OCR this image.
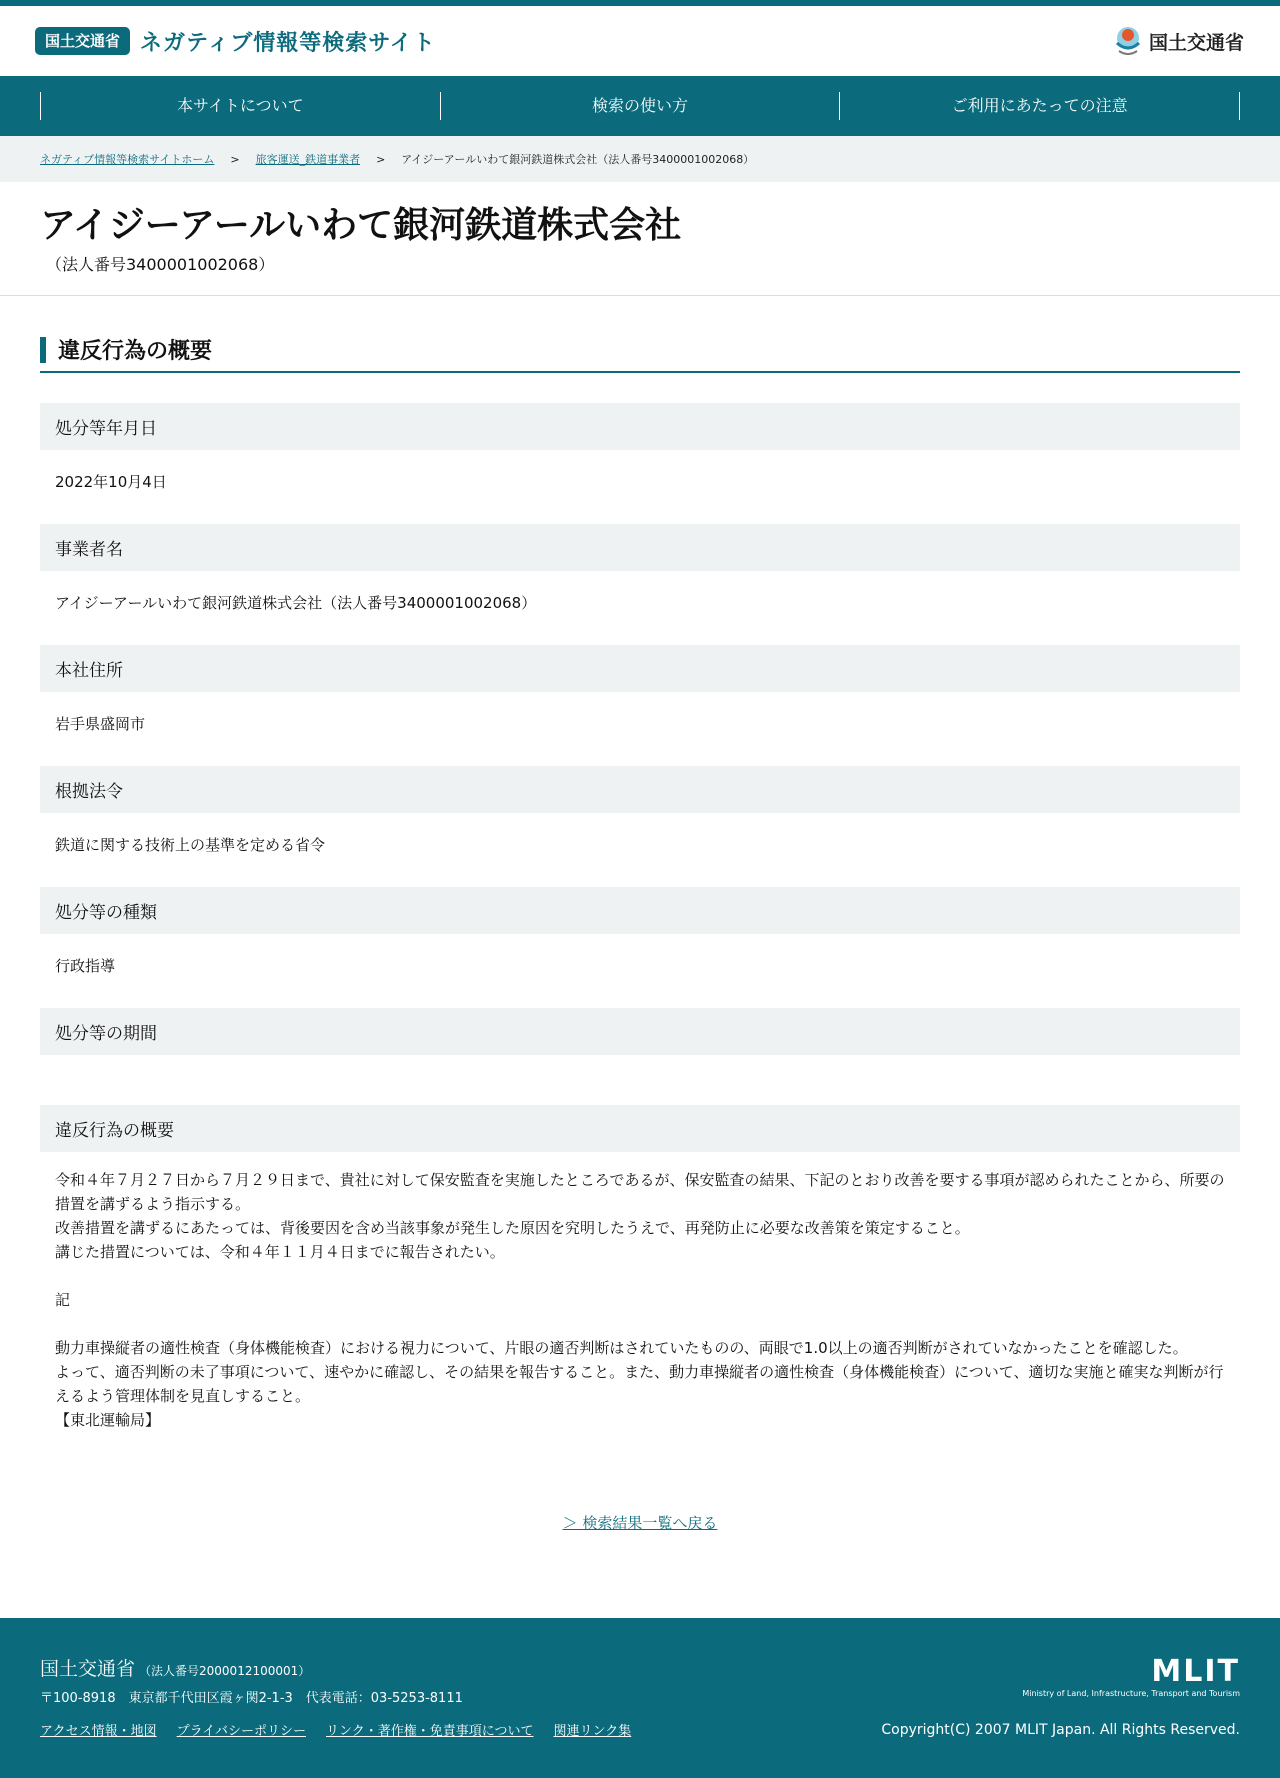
国土交通省 ネガティブ情報等検索サイト	国土交通省
本サイトについて	検索の使い方	ご利用にあたっての注意
ネガティブ情報等検索サイトホーム > 旅客運送_鉄道事業者 > アイジーアールいわて銀河鉄道株式会社（法人番号3400001002068）
アイジーアールいわて銀河鉄道株式会社
（法人番号3400001002068）
違反行為の概要
処分等年月日
2022年10月4日
事業者名
アイジーアールいわて銀河鉄道株式会社（法人番号3400001002068）
本社住所
岩手県盛岡市
根拠法令
鉄道に関する技術上の基準を定める省令
処分等の種類
行政指導
処分等の期間
違反行為の概要

令和４年７月２７日から７月２９日まで、貴社に対して保安監査を実施したところであるが、保安監査の結果、下記のとおり改善を要する事項が認められたことから、所要の措置を講ずるよう指示する。

改善措置を講ずるにあたっては、背後要因を含め当該事象が発生した原因を究明したうえで、再発防止に必要な改善策を策定すること。

講じた措置については、令和４年１１月４日までに報告されたい。

記

動力車操縦者の適性検査（身体機能検査）における視力について、片眼の適否判断はされていたものの、両眼で1.0以上の適否判断がされていなかったことを確認した。

よって、適否判断の未了事項について、速やかに確認し、その結果を報告すること。また、動力車操縦者の適性検査（身体機能検査）について、適切な実施と確実な判断が行えるよう管理体制を見直しすること。

【東北運輸局】

＞ 検索結果一覧へ戻る
国土交通省 （法人番号2000012100001）
〒100-8918　東京都千代田区霞ヶ関2-1-3　代表電話：03-5253-8111
アクセス情報・地図 プライバシーポリシー リンク・著作権・免責事項について 関連リンク集
MLIT
Ministry of Land, Infrastructure, Transport and Tourism
Copyright(C) 2007 MLIT Japan. All Rights Reserved.
